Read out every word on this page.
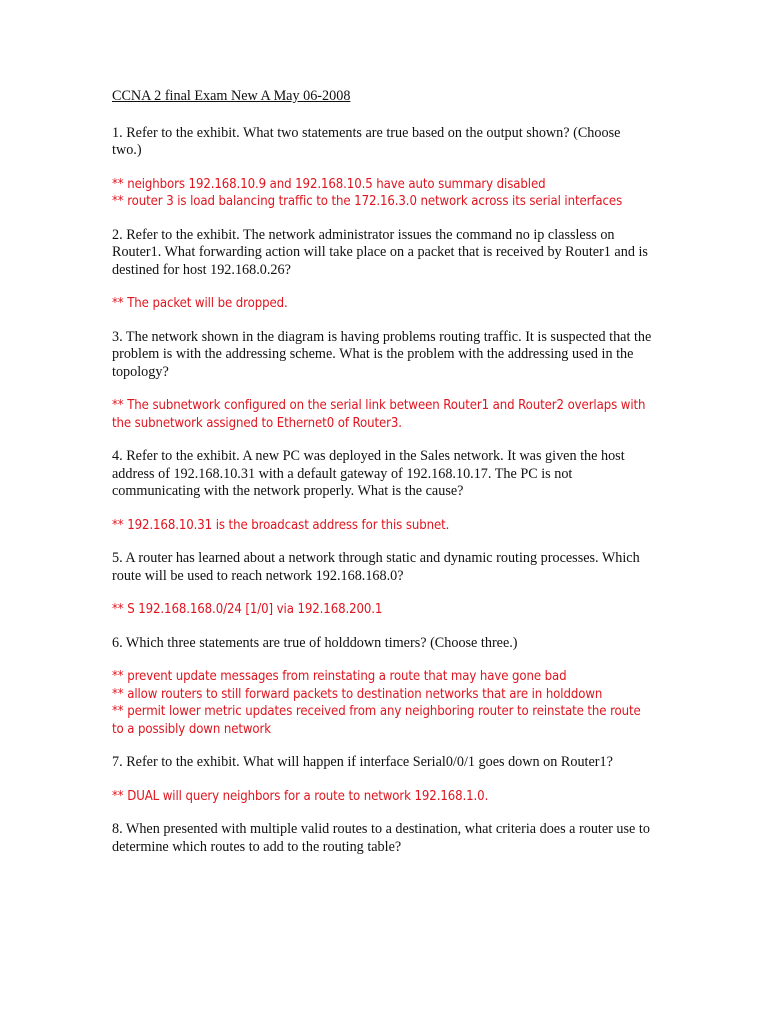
CCNA 2 final Exam New A May 06-2008
1. Refer to the exhibit. What two statements are true based on the output shown? (Choose two.)
** neighbors 192.168.10.9 and 192.168.10.5 have auto summary disabled
** router 3 is load balancing traffic to the 172.16.3.0 network across its serial interfaces
2. Refer to the exhibit. The network administrator issues the command no ip classless on Router1. What forwarding action will take place on a packet that is received by Router1 and is destined for host 192.168.0.26?
** The packet will be dropped.
3. The network shown in the diagram is having problems routing traffic. It is suspected that the problem is with the addressing scheme. What is the problem with the addressing used in the topology?
** The subnetwork configured on the serial link between Router1 and Router2 overlaps with the subnetwork assigned to Ethernet0 of Router3.
4. Refer to the exhibit. A new PC was deployed in the Sales network. It was given the host address of 192.168.10.31 with a default gateway of 192.168.10.17. The PC is not communicating with the network properly. What is the cause?
** 192.168.10.31 is the broadcast address for this subnet.
5. A router has learned about a network through static and dynamic routing processes. Which route will be used to reach network 192.168.168.0?
** S 192.168.168.0/24 [1/0] via 192.168.200.1
6. Which three statements are true of holddown timers? (Choose three.)
** prevent update messages from reinstating a route that may have gone bad
** allow routers to still forward packets to destination networks that are in holddown
** permit lower metric updates received from any neighboring router to reinstate the route to a possibly down network
7. Refer to the exhibit. What will happen if interface Serial0/0/1 goes down on Router1?
** DUAL will query neighbors for a route to network 192.168.1.0.
8. When presented with multiple valid routes to a destination, what criteria does a router use to determine which routes to add to the routing table?
